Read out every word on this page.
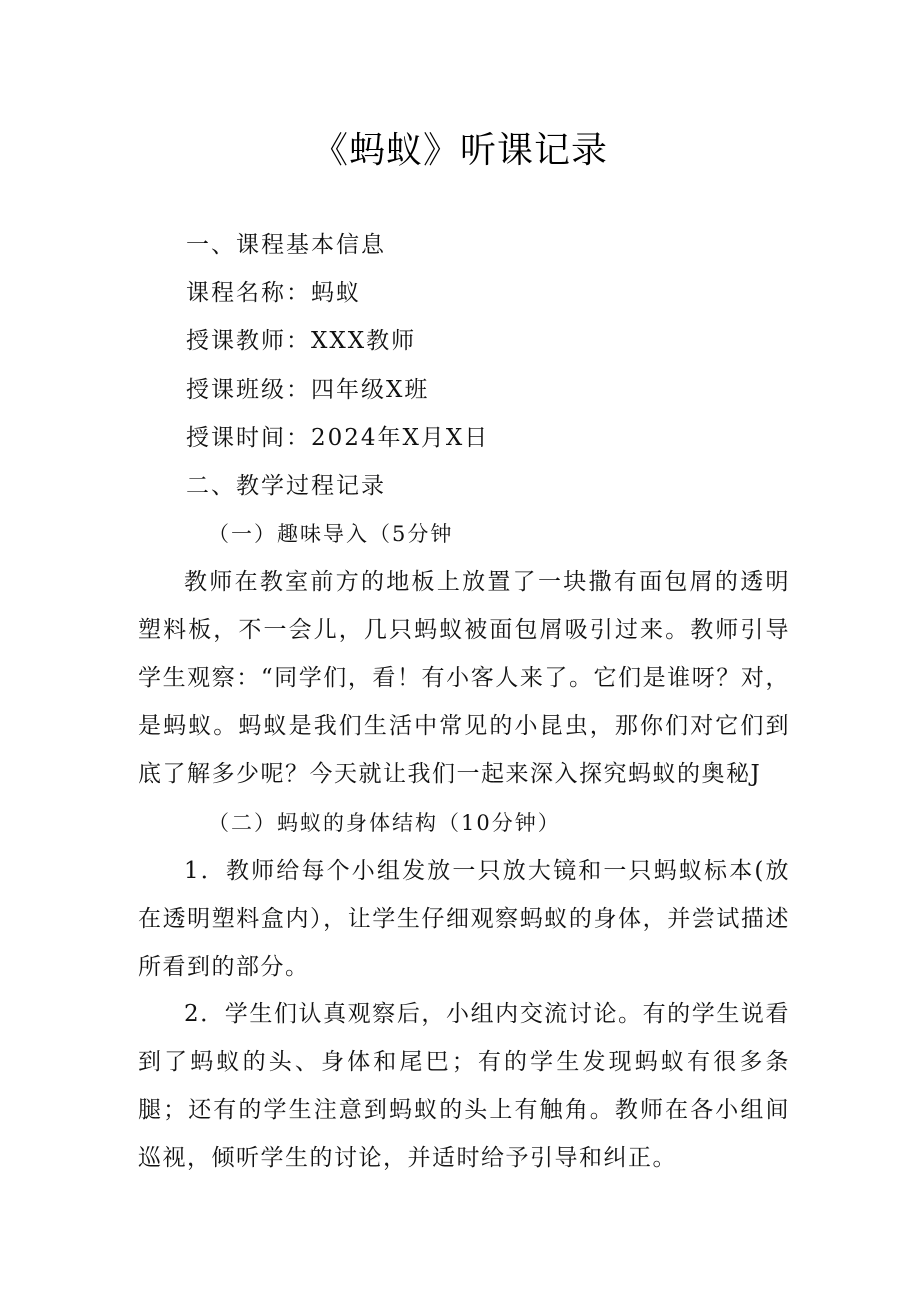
《蚂蚁》听课记录
一、课程基本信息
课程名称：蚂蚁
授课教师：XXX教师
授课班级：四年级X班
授课时间：2024年X月X日
二、教学过程记录
（一）趣味导入（5分钟
教师在教室前方的地板上放置了一块撒有面包屑的透明塑料板，不一会儿，几只蚂蚁被面包屑吸引过来。教师引导学生观察：“同学们，看！有小客人来了。它们是谁呀？对，是蚂蚁。蚂蚁是我们生活中常见的小昆虫，那你们对它们到底了解多少呢？今天就让我们一起来深入探究蚂蚁的奥秘J
（二）蚂蚁的身体结构（10分钟）
1．教师给每个小组发放一只放大镜和一只蚂蚁标本(放在透明塑料盒内），让学生仔细观察蚂蚁的身体，并尝试描述所看到的部分。
2．学生们认真观察后，小组内交流讨论。有的学生说看到了蚂蚁的头、身体和尾巴；有的学生发现蚂蚁有很多条腿；还有的学生注意到蚂蚁的头上有触角。教师在各小组间巡视，倾听学生的讨论，并适时给予引导和纠正。
